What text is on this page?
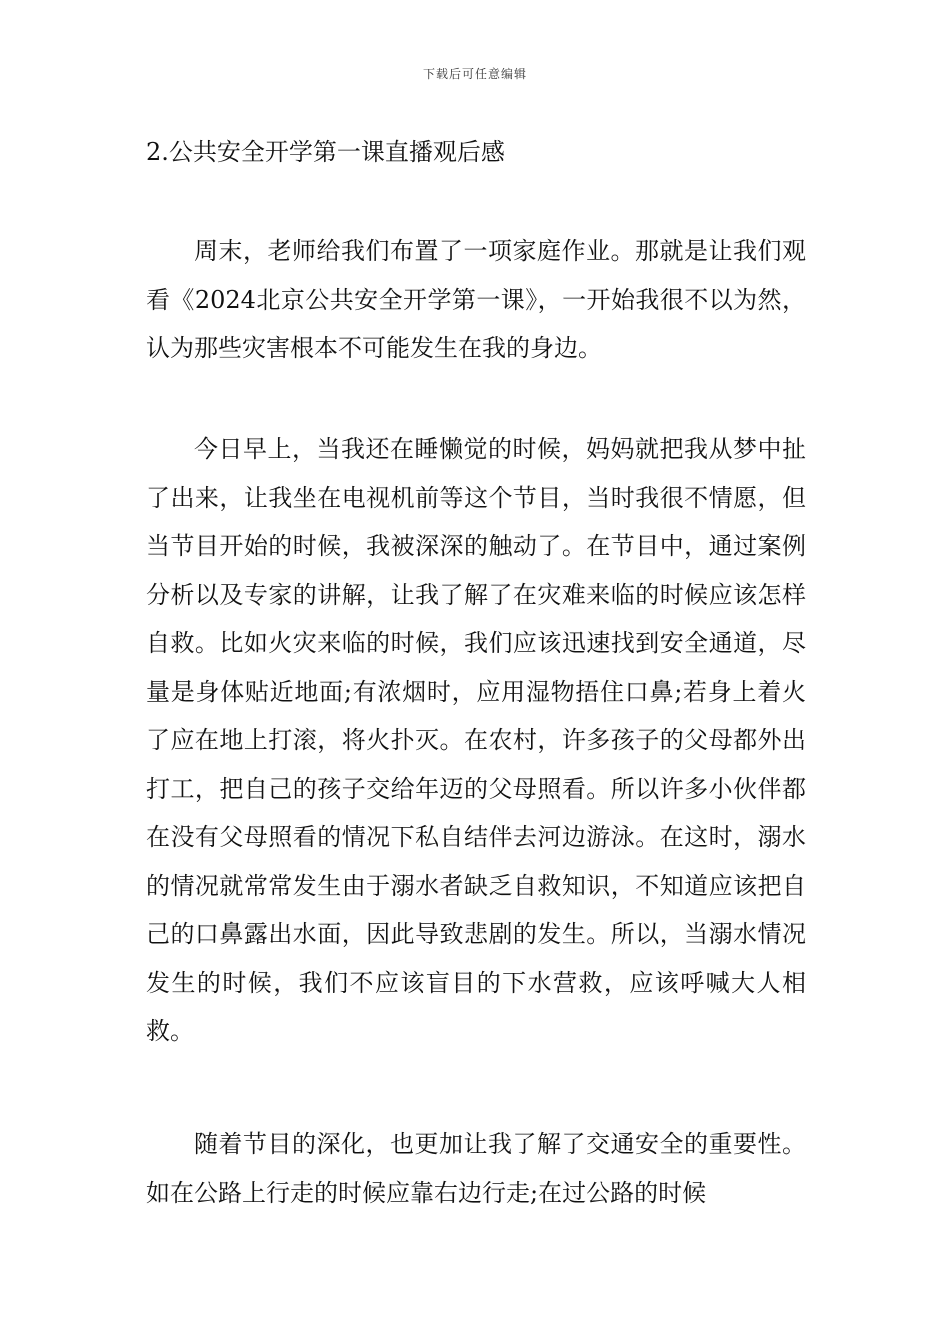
下载后可任意编辑
2.公共安全开学第一课直播观后感

周末，老师给我们布置了一项家庭作业。那就是让我们观看《2024北京公共安全开学第一课》，一开始我很不以为然，认为那些灾害根本不可能发生在我的身边。

今日早上，当我还在睡懒觉的时候，妈妈就把我从梦中扯了出来，让我坐在电视机前等这个节目，当时我很不情愿，但当节目开始的时候，我被深深的触动了。在节目中，通过案例分析以及专家的讲解，让我了解了在灾难来临的时候应该怎样自救。比如火灾来临的时候，我们应该迅速找到安全通道，尽量是身体贴近地面;有浓烟时，应用湿物捂住口鼻;若身上着火了应在地上打滚，将火扑灭。在农村，许多孩子的父母都外出打工，把自己的孩子交给年迈的父母照看。所以许多小伙伴都在没有父母照看的情况下私自结伴去河边游泳。在这时，溺水的情况就常常发生由于溺水者缺乏自救知识，不知道应该把自己的口鼻露出水面，因此导致悲剧的发生。所以，当溺水情况发生的时候，我们不应该盲目的下水营救，应该呼喊大人相救。

随着节目的深化，也更加让我了解了交通安全的重要性。如在公路上行走的时候应靠右边行走;在过公路的时候
